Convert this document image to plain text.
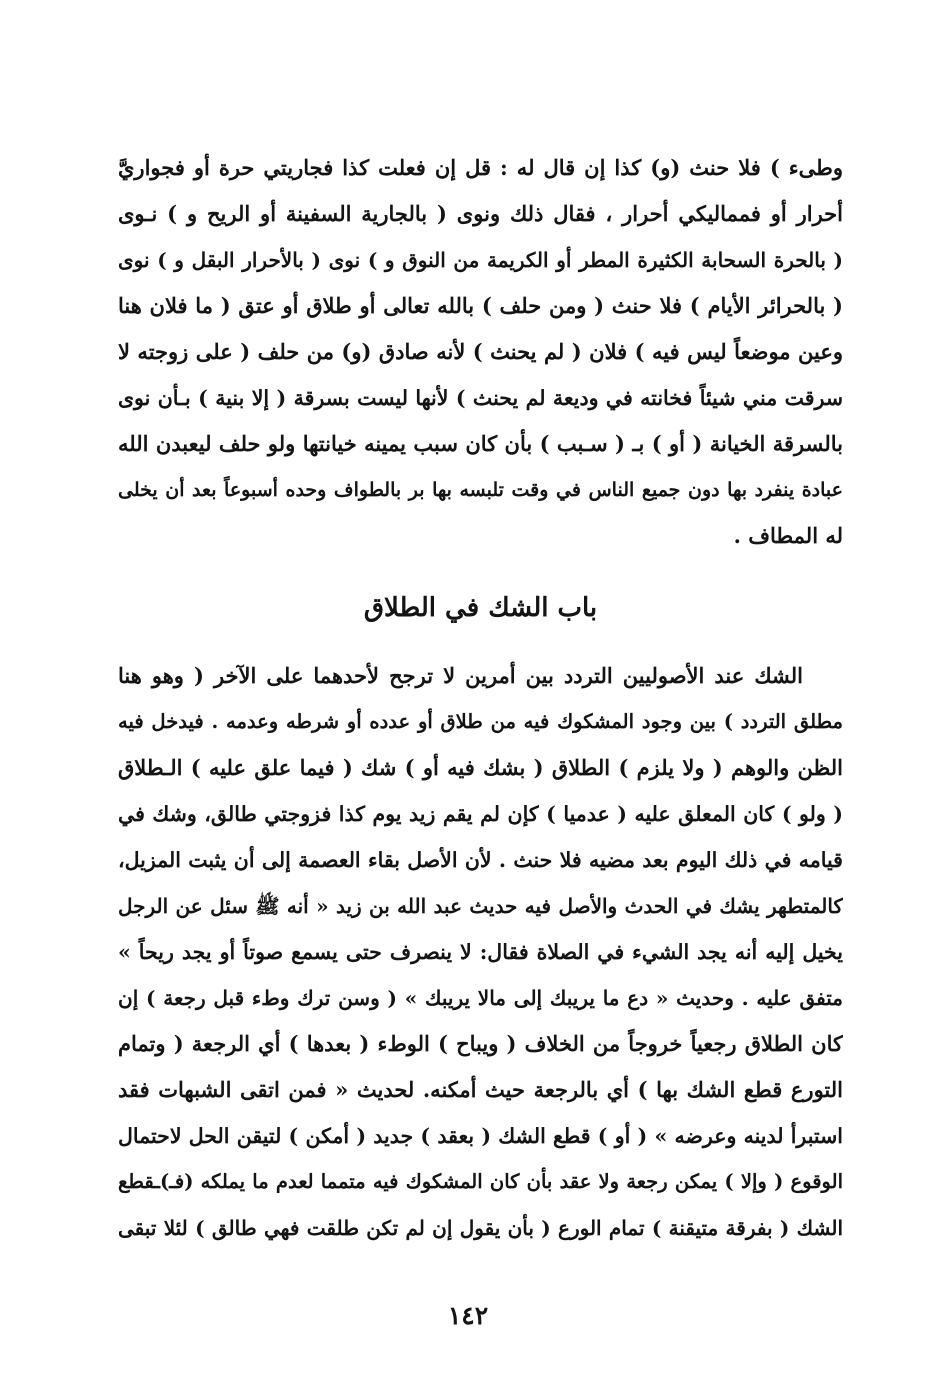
وطىء ) فلا حنث (و) كذا إن قال له : قل إن فعلت كذا فجاريتي حرة أو فجواريَّ
أحرار أو فمماليكي أحرار ، فقال ذلك ونوى ( بالجارية السفينة أو الريح و ) نـوى
( بالحرة السحابة الكثيرة المطر أو الكريمة من النوق و ) نوى ( بالأحرار البقل و ) نوى
( بالحرائر الأيام ) فلا حنث ( ومن حلف ) بالله تعالى أو طلاق أو عتق ( ما فلان هنا
وعين موضعاً ليس فيه ) فلان ( لم يحنث ) لأنه صادق (و) من حلف ( على زوجته لا
سرقت مني شيئاً فخانته في وديعة لم يحنث ) لأنها ليست بسرقة ( إلا بنية ) بـأن نوى
بالسرقة الخيانة ( أو ) بـ ( سـبب ) بأن كان سبب يمينه خيانتها ولو حلف ليعبدن الله
عبادة ينفرد بها دون جميع الناس في وقت تلبسه بها بر بالطواف وحده أسبوعاً بعد أن يخلى
له المطاف .
باب الشك في الطلاق
الشك عند الأصوليين التردد بين أمرين لا ترجح لأحدهما على الآخر ( وهو هنا
مطلق التردد ) بين وجود المشكوك فيه من طلاق أو عدده أو شرطه وعدمه . فيدخل فيه
الظن والوهم ( ولا يلزم ) الطلاق ( بشك فيه أو ) شك ( فيما علق عليه ) الـطلاق
( ولو ) كان المعلق عليه ( عدميا ) كإن لم يقم زيد يوم كذا فزوجتي طالق، وشك في
قيامه في ذلك اليوم بعد مضيه فلا حنث . لأن الأصل بقاء العصمة إلى أن يثبت المزيل،
كالمتطهر يشك في الحدث والأصل فيه حديث عبد الله بن زيد « أنه ﷺ سئل عن الرجل
يخيل إليه أنه يجد الشيء في الصلاة فقال: لا ينصرف حتى يسمع صوتاً أو يجد ريحاً »
متفق عليه . وحديث « دع ما يريبك إلى مالا يريبك » ( وسن ترك وطء قبل رجعة ) إن
كان الطلاق رجعياً خروجاً من الخلاف ( ويباح ) الوطء ( بعدها ) أي الرجعة ( وتمام
التورع قطع الشك بها ) أي بالرجعة حيث أمكنه. لحديث « فمن اتقى الشبهات فقد
استبرأ لدينه وعرضه » ( أو ) قطع الشك ( بعقد ) جديد ( أمكن ) لتيقن الحل لاحتمال
الوقوع ( وإلا ) يمكن رجعة ولا عقد بأن كان المشكوك فيه متمما لعدم ما يملكه (فـ)ـقطع
الشك ( بفرقة متيقنة ) تمام الورع ( بأن يقول إن لم تكن طلقت فهي طالق ) لئلا تبقى
١٤٢
